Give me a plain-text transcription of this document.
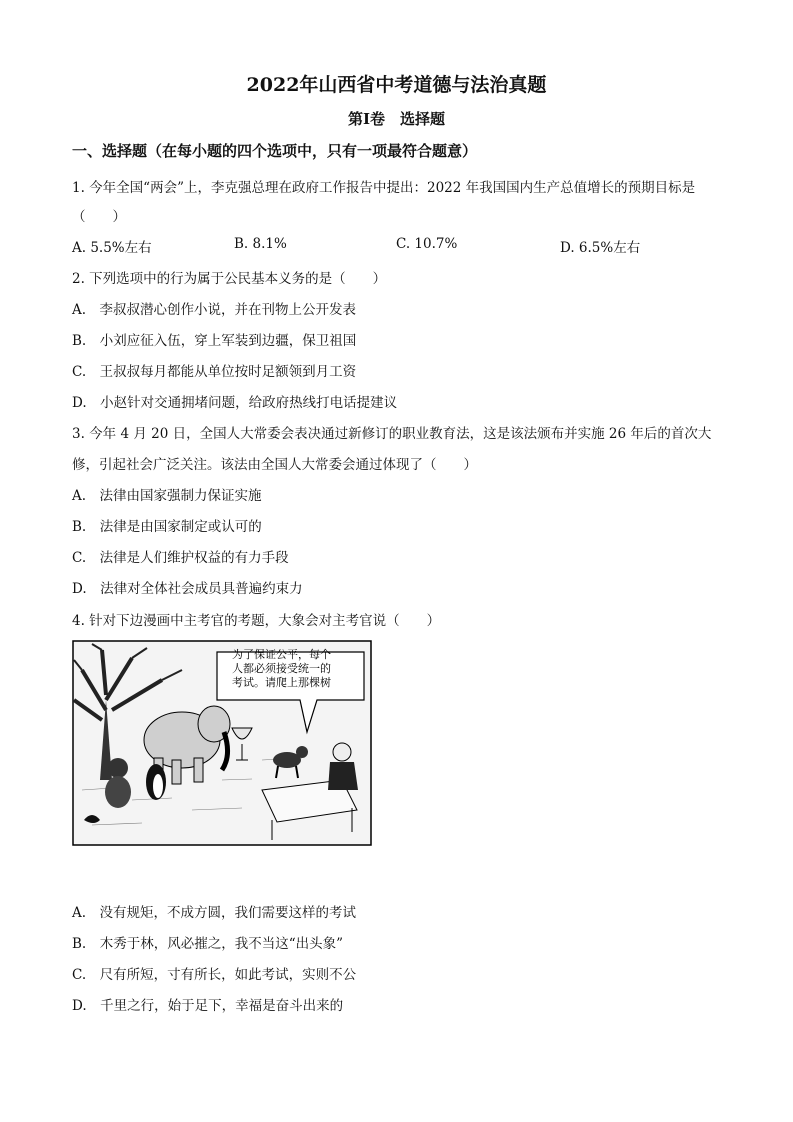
2022年山西省中考道德与法治真题
第Ⅰ卷　选择题
一、选择题（在每小题的四个选项中，只有一项最符合题意）
1. 今年全国“两会”上，李克强总理在政府工作报告中提出：2022 年我国国内生产总值增长的预期目标是
（　　）
A. 5.5%左右	B. 8.1%	C. 10.7%	D. 6.5%左右
2. 下列选项中的行为属于公民基本义务的是（　　）
A.　李叔叔潜心创作小说，并在刊物上公开发表
B.　小刘应征入伍，穿上军装到边疆，保卫祖国
C.　王叔叔每月都能从单位按时足额领到月工资
D.　小赵针对交通拥堵问题，给政府热线打电话提建议
3. 今年 4 月 20 日，全国人大常委会表决通过新修订的职业教育法，这是该法颁布并实施 26 年后的首次大
修，引起社会广泛关注。该法由全国人大常委会通过体现了（　　）
A.　法律由国家强制力保证实施
B.　法律是由国家制定或认可的
C.　法律是人们维护权益的有力手段
D.　法律对全体社会成员具普遍约束力
4. 针对下边漫画中主考官的考题，大象会对主考官说（　　）
为了保证公平，每个
人都必须接受统一的
考试。请爬上那棵树
A.　没有规矩，不成方圆，我们需要这样的考试
B.　木秀于林，风必摧之，我不当这“出头象”
C.　尺有所短，寸有所长，如此考试，实则不公
D.　千里之行，始于足下，幸福是奋斗出来的
